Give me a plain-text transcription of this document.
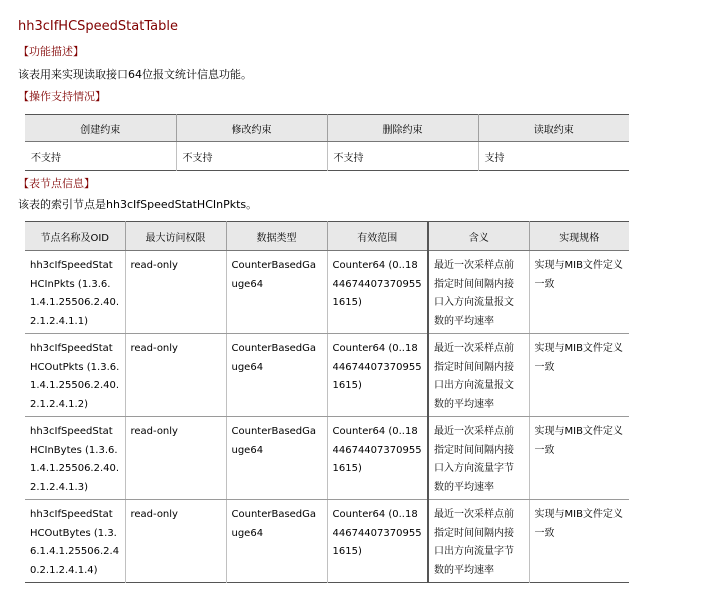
hh3cIfHCSpeedStatTable
【功能描述】
该表用来实现读取接口64位报文统计信息功能。
【操作支持情况】
创建约束	修改约束	删除约束	读取约束
不支持	不支持	不支持	支持
【表节点信息】
该表的索引节点是hh3cIfSpeedStatHCInPkts。
节点名称及OID	最大访问权限	数据类型	有效范围	含义	实现规格
hh3cIfSpeedStatHCInPkts (1.3.6.1.4.1.25506.2.40.2.1.2.4.1.1)	read-only	CounterBasedGauge64	Counter64 (0..18446744073709551615)	最近一次采样点前指定时间间隔内接口入方向流量报文数的平均速率	实现与MIB文件定义一致
hh3cIfSpeedStatHCOutPkts (1.3.6.1.4.1.25506.2.40.2.1.2.4.1.2)	read-only	CounterBasedGauge64	Counter64 (0..18446744073709551615)	最近一次采样点前指定时间间隔内接口出方向流量报文数的平均速率	实现与MIB文件定义一致
hh3cIfSpeedStatHCInBytes (1.3.6.1.4.1.25506.2.40.2.1.2.4.1.3)	read-only	CounterBasedGauge64	Counter64 (0..18446744073709551615)	最近一次采样点前指定时间间隔内接口入方向流量字节数的平均速率	实现与MIB文件定义一致
hh3cIfSpeedStatHCOutBytes (1.3.6.1.4.1.25506.2.40.2.1.2.4.1.4)	read-only	CounterBasedGauge64	Counter64 (0..18446744073709551615)	最近一次采样点前指定时间间隔内接口出方向流量字节数的平均速率	实现与MIB文件定义一致
